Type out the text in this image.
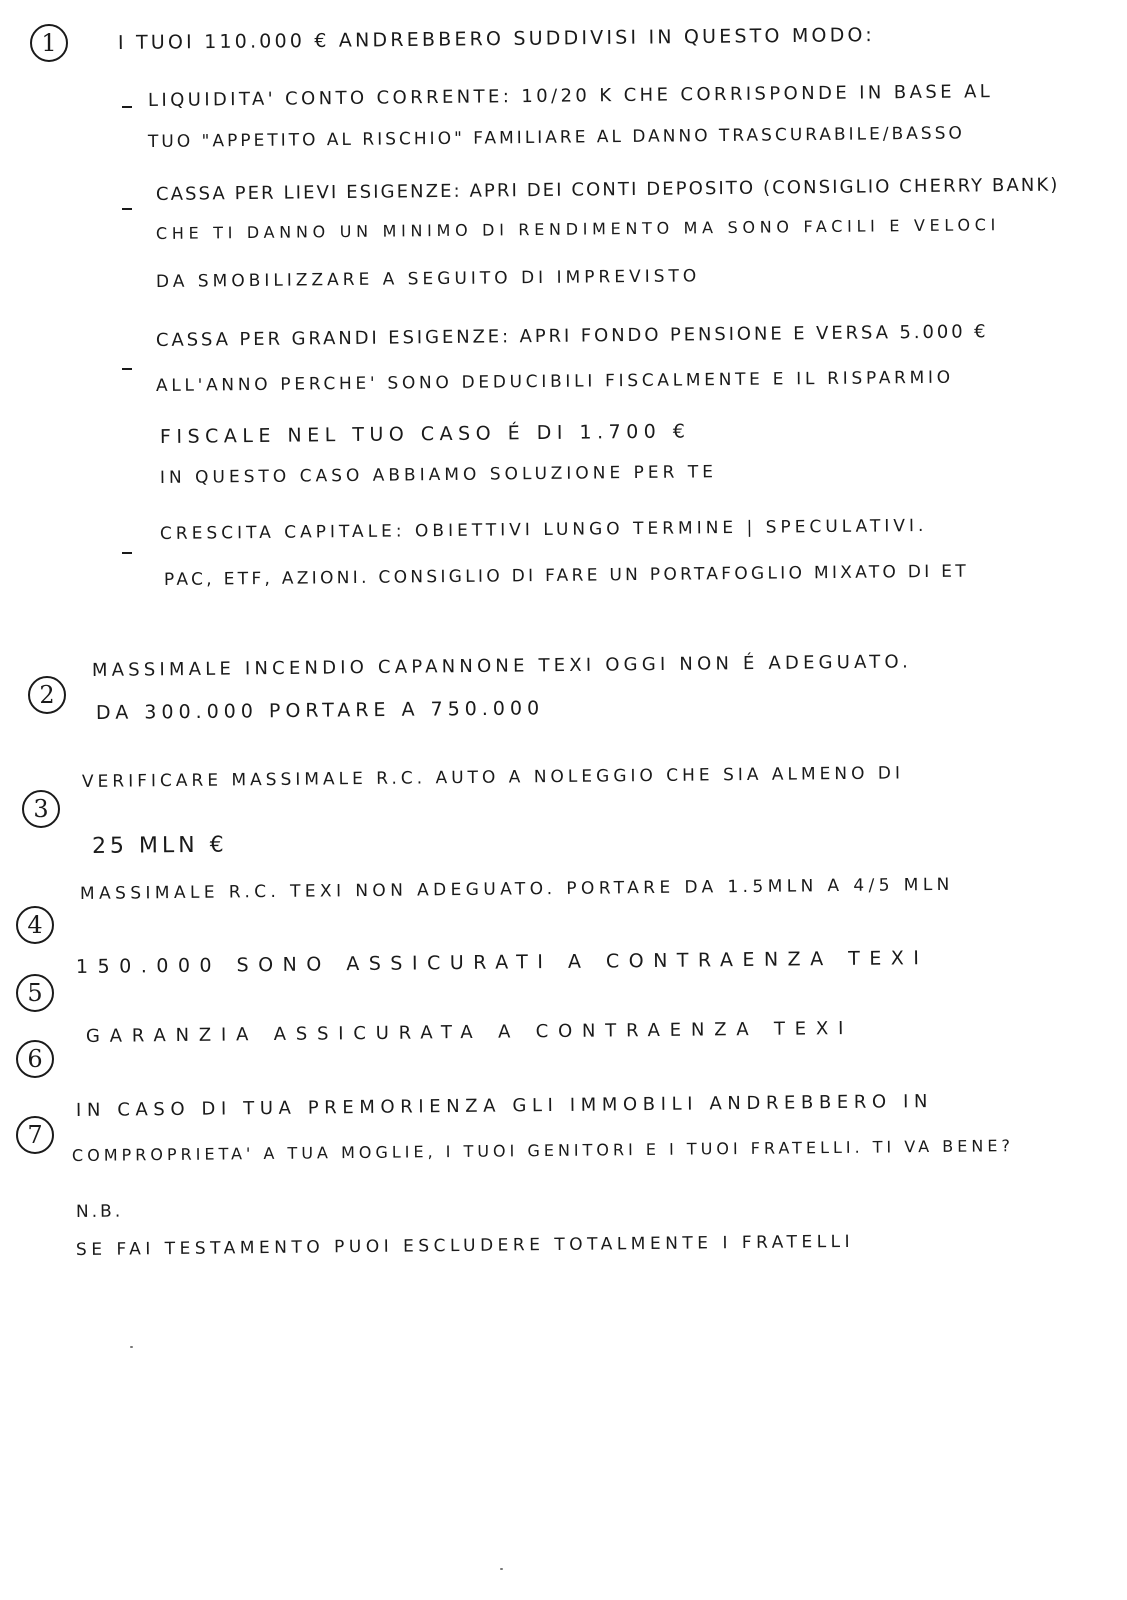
1	I TUOI 110.000 € ANDREBBERO SUDDIVISI IN QUESTO MODO:
LIQUIDITA' CONTO CORRENTE: 10/20 K CHE CORRISPONDE IN BASE AL
TUO "APPETITO AL RISCHIO" FAMILIARE AL DANNO TRASCURABILE/BASSO
CASSA PER LIEVI ESIGENZE: APRI DEI CONTI DEPOSITO (CONSIGLIO CHERRY BANK)
CHE TI DANNO UN MINIMO DI RENDIMENTO MA SONO FACILI E VELOCI
DA SMOBILIZZARE A SEGUITO DI IMPREVISTO
CASSA PER GRANDI ESIGENZE: APRI FONDO PENSIONE E VERSA 5.000 €
ALL'ANNO PERCHE' SONO DEDUCIBILI FISCALMENTE E IL RISPARMIO
FISCALE NEL TUO CASO É DI 1.700 €
IN QUESTO CASO ABBIAMO SOLUZIONE PER TE
CRESCITA CAPITALE: OBIETTIVI LUNGO TERMINE | SPECULATIVI.
PAC, ETF, AZIONI. CONSIGLIO DI FARE UN PORTAFOGLIO MIXATO DI ET
2
MASSIMALE INCENDIO CAPANNONE TEXI OGGI NON É ADEGUATO.
DA 300.000 PORTARE A 750.000
3
VERIFICARE MASSIMALE R.C. AUTO A NOLEGGIO CHE SIA ALMENO DI
25 MLN €
4
MASSIMALE R.C. TEXI NON ADEGUATO. PORTARE DA 1.5MLN A 4/5 MLN
5
150.000 SONO ASSICURATI A CONTRAENZA TEXI
6
GARANZIA ASSICURATA A CONTRAENZA TEXI
7
IN CASO DI TUA PREMORIENZA GLI IMMOBILI ANDREBBERO IN
COMPROPRIETA' A TUA MOGLIE, I TUOI GENITORI E I TUOI FRATELLI. TI VA BENE?
N.B.
SE FAI TESTAMENTO PUOI ESCLUDERE TOTALMENTE I FRATELLI
